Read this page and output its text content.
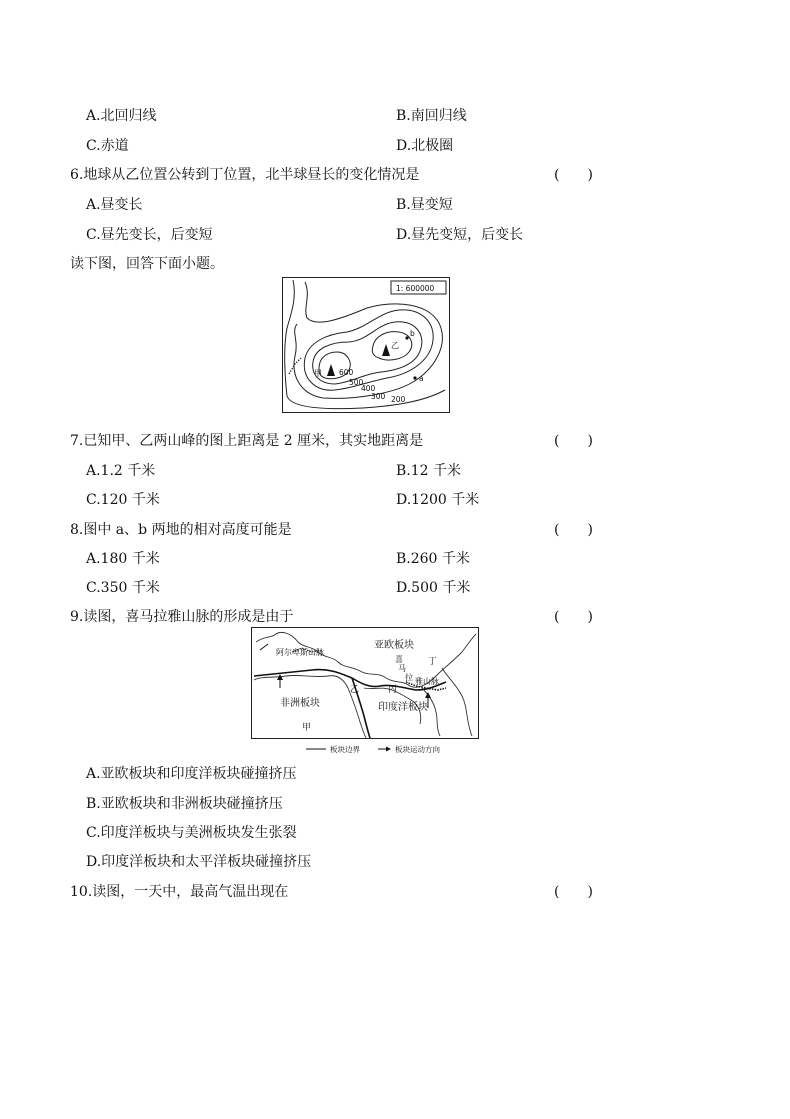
A.北回归线	B.南回归线
C.赤道	D.北极圈
6.地球从乙位置公转到丁位置，北半球昼长的变化情况是	(　　)
A.昼变长	B.昼变短
C.昼先变长，后变短	D.昼先变短，后变长
读下图，回答下面小题。
1: 600000
甲
乙
600
500
400
300 200
a
b
7.已知甲、乙两山峰的图上距离是 2 厘米，其实地距离是	(　　)
A.1.2 千米	B.12 千米
C.120 千米	D.1200 千米
8.图中 a、b 两地的相对高度可能是	(　　)
A.180 千米	B.260 千米
C.350 千米	D.500 千米
9.读图，喜马拉雅山脉的形成是由于	(　　)
亚欧板块
非洲板块	印度洋板块
阿尔卑斯山脉
喜
马
拉 雅山脉
甲
乙	丙
丁
板块边界	板块运动方向
A.亚欧板块和印度洋板块碰撞挤压
B.亚欧板块和非洲板块碰撞挤压
C.印度洋板块与美洲板块发生张裂
D.印度洋板块和太平洋板块碰撞挤压
10.读图，一天中，最高气温出现在	(　　)
